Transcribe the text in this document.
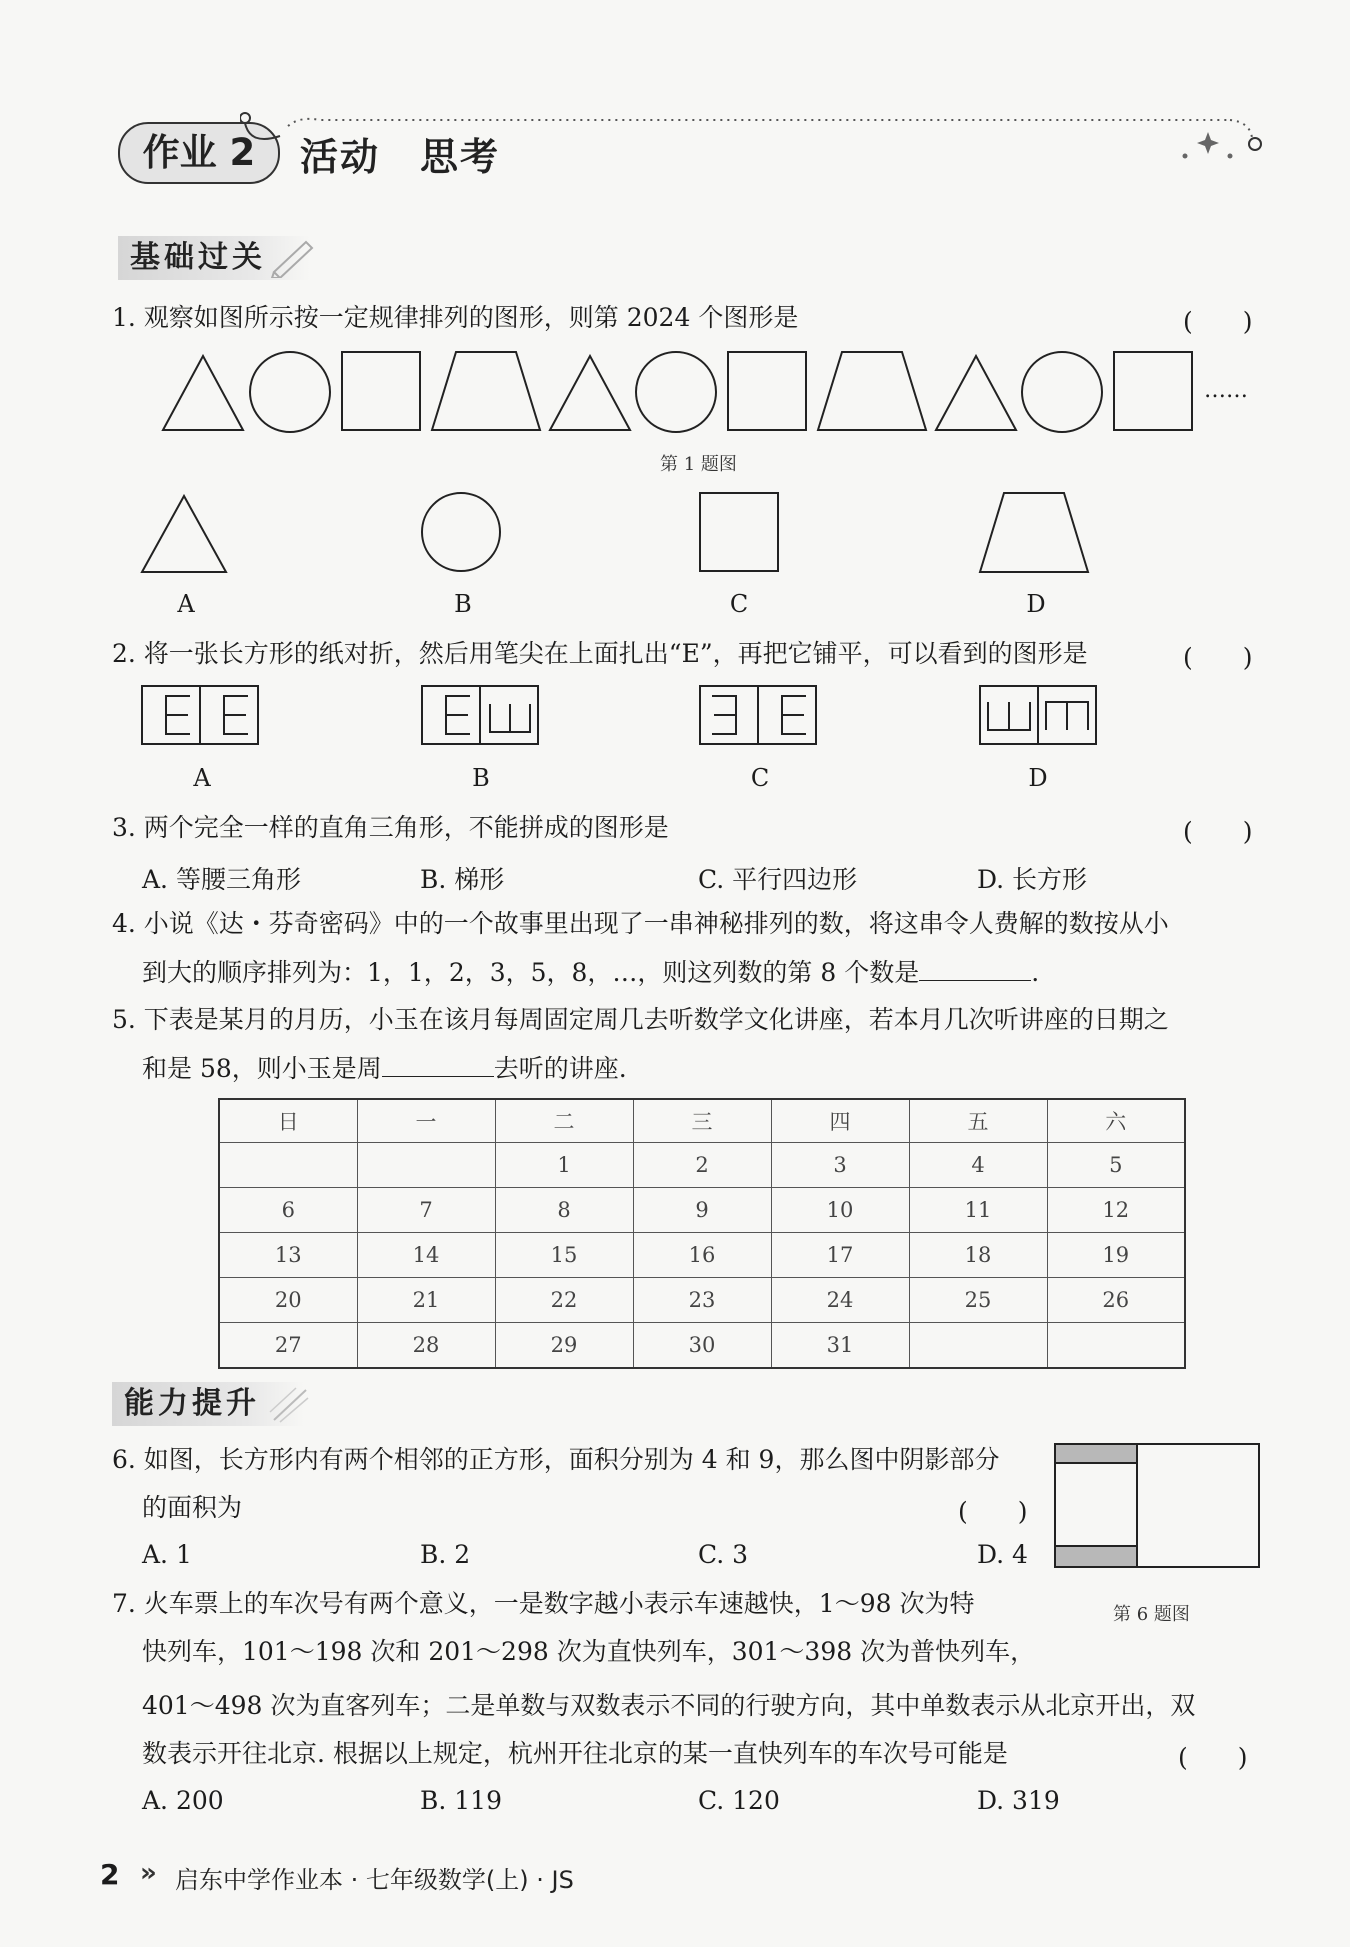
作业 2	活动　思考
基础过关
1. 观察如图所示按一定规律排列的图形，则第 2024 个图形是	(　　)
……
第 1 题图
A	B	C	D
2. 将一张长方形的纸对折，然后用笔尖在上面扎出“E”，再把它铺平，可以看到的图形是	(　　)
A	B	C	D
3. 两个完全一样的直角三角形，不能拼成的图形是	(　　)
A. 等腰三角形	B. 梯形	C. 平行四边形	D. 长方形
4. 小说《达・芬奇密码》中的一个故事里出现了一串神秘排列的数，将这串令人费解的数按从小
到大的顺序排列为：1，1，2，3，5，8，…，则这列数的第 8 个数是	.
5. 下表是某月的月历，小玉在该月每周固定周几去听数学文化讲座，若本月几次听讲座的日期之
和是 58，则小玉是周	去听的讲座.
日	一	二	三	四	五	六
		1	2	3	4	5
6	7	8	9	10	11	12
13	14	15	16	17	18	19
20	21	22	23	24	25	26
27	28	29	30	31		
能力提升
6. 如图，长方形内有两个相邻的正方形，面积分别为 4 和 9，那么图中阴影部分
的面积为	(　　)
A. 1	B. 2	C. 3	D. 4
第 6 题图
7. 火车票上的车次号有两个意义，一是数字越小表示车速越快，1～98 次为特
快列车，101～198 次和 201～298 次为直快列车，301～398 次为普快列车，
401～498 次为直客列车；二是单数与双数表示不同的行驶方向，其中单数表示从北京开出，双
数表示开往北京. 根据以上规定，杭州开往北京的某一直快列车的车次号可能是	(　　)
A. 200	B. 119	C. 120	D. 319
2 » 启东中学作业本 · 七年级数学(上) · JS
